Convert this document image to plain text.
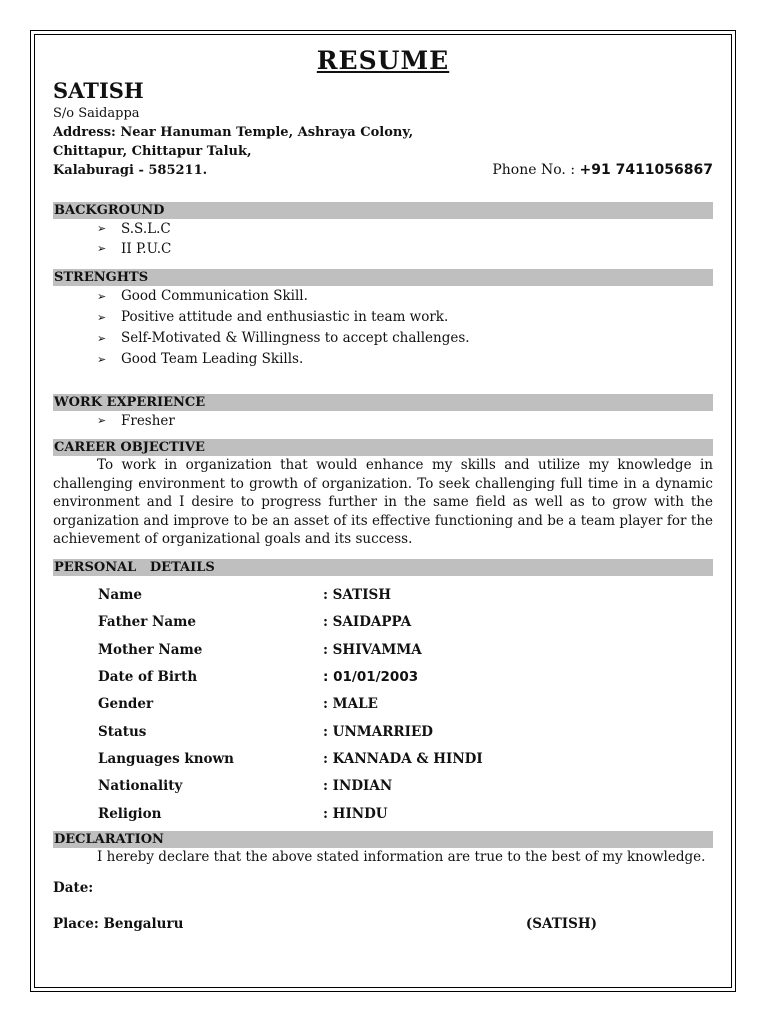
RESUME
SATISH
S/o Saidappa
Address: Near Hanuman Temple, Ashraya Colony,
Chittapur, Chittapur Taluk,
Kalaburagi - 585211.	Phone No. : +91 7411056867
BACKGROUND
➢	S.S.L.C
➢	II P.U.C
STRENGHTS
➢	Good Communication Skill.
➢	Positive attitude and enthusiastic in team work.
➢	Self-Motivated & Willingness to accept challenges.
➢	Good Team Leading Skills.
WORK EXPERIENCE
➢	Fresher
CAREER OBJECTIVE

To work in organization that would enhance my skills and utilize my knowledge in challenging environment to growth of organization. To seek challenging full time in a dynamic environment and I desire to progress further in the same field as well as to grow with the organization and improve to be an asset of its effective functioning and be a team player for the achievement of organizational goals and its success.

PERSONAL   DETAILS
Name	: SATISH
Father Name	: SAIDAPPA
Mother Name	: SHIVAMMA
Date of Birth	: 01/01/2003
Gender	: MALE
Status	: UNMARRIED
Languages known	: KANNADA & HINDI
Nationality	: INDIAN
Religion	: HINDU
DECLARATION

I hereby declare that the above stated information are true to the best of my knowledge.

Date:
Place: Bengaluru	(SATISH)
